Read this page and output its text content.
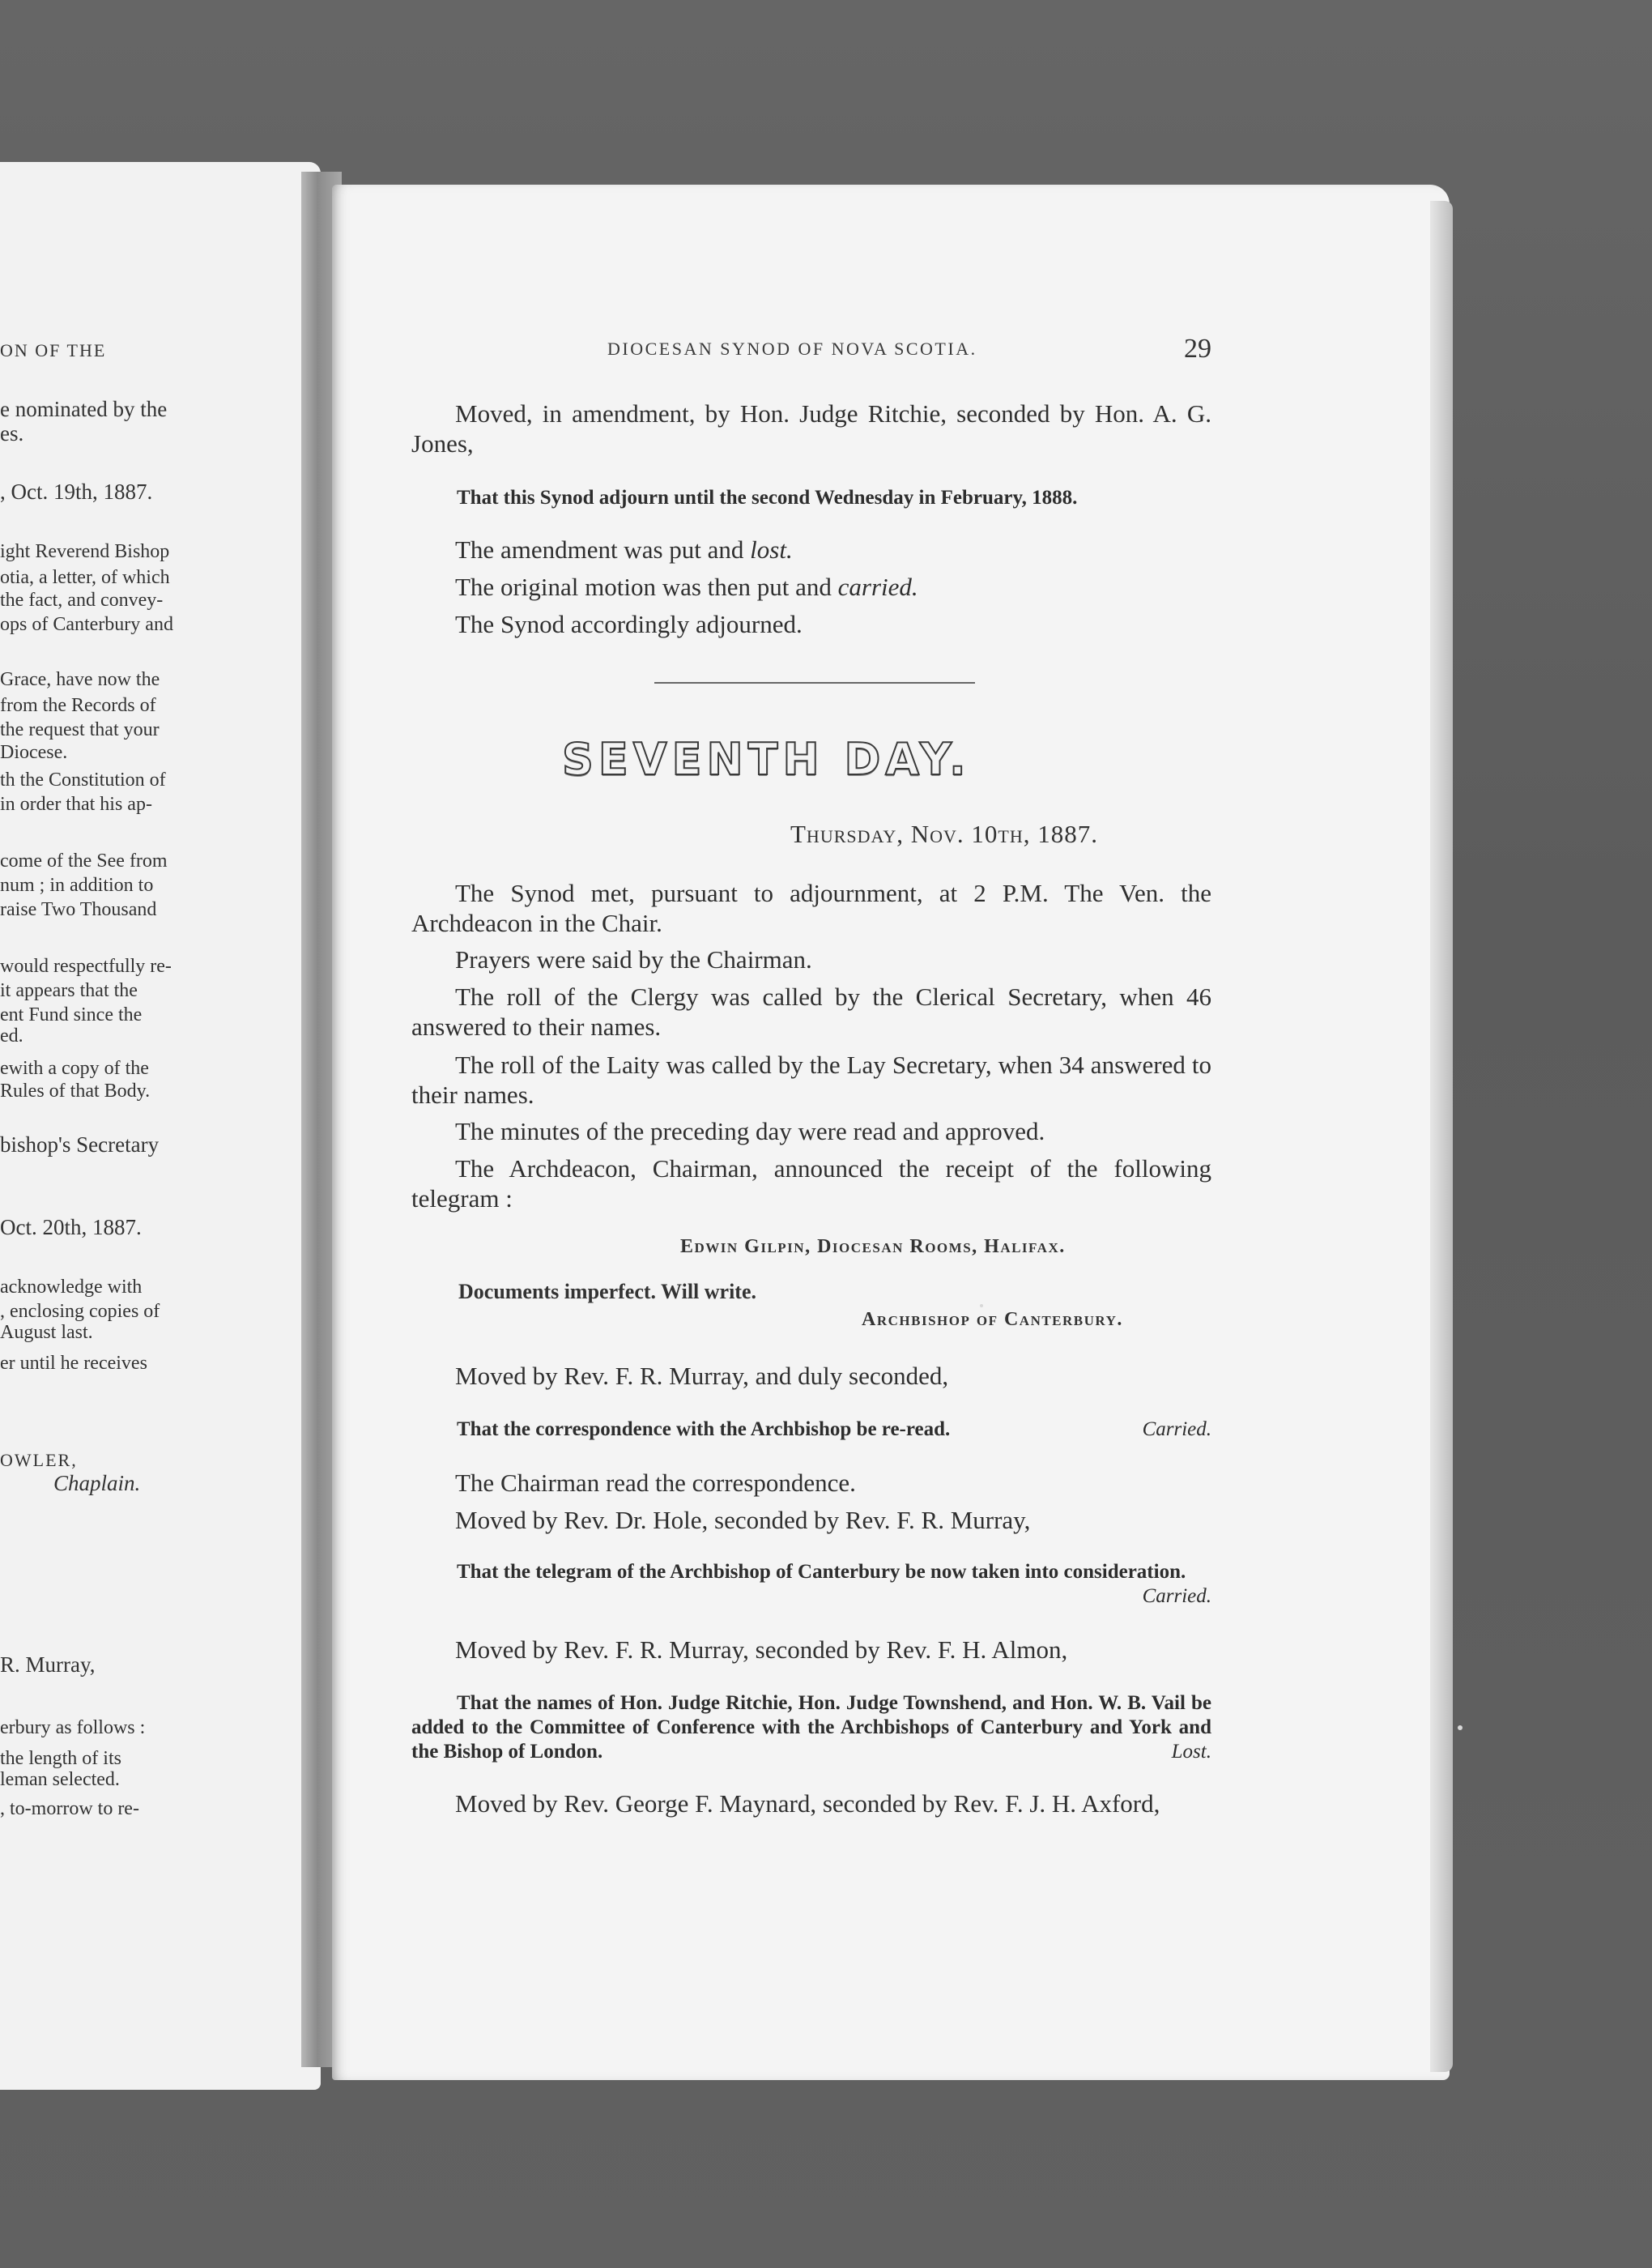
ON OF THE
e nominated by the
es.
, Oct. 19th, 1887.
ight Reverend Bishop
otia, a letter, of which
the fact, and convey-
ops of Canterbury and
Grace, have now the
from the Records of
the request that your
Diocese.
th the Constitution of
in order that his ap-
come of the See from
num ; in addition to
raise Two Thousand
would respectfully re-
it appears that the
ent Fund since the
ed.
ewith a copy of the
Rules of that Body.
bishop's Secretary
Oct. 20th, 1887.
acknowledge with
, enclosing copies of
August last.
er until he receives
OWLER,
Chaplain.
R. Murray,
erbury as follows :
the length of its
leman selected.
, to-morrow to re-
DIOCESAN SYNOD OF NOVA SCOTIA.	29
Moved, in amendment, by Hon. Judge Ritchie, seconded by Hon. A. G. Jones,
That this Synod adjourn until the second Wednesday in February, 1888.
The amendment was put and lost.
The original motion was then put and carried.
The Synod accordingly adjourned.
SEVENTH DAY.
Thursday, Nov. 10th, 1887.
The Synod met, pursuant to adjournment, at 2 P.M. The Ven. the Archdeacon in the Chair.
Prayers were said by the Chairman.
The roll of the Clergy was called by the Clerical Secretary, when 46 answered to their names.
The roll of the Laity was called by the Lay Secretary, when 34 answered to their names.
The minutes of the preceding day were read and approved.
The Archdeacon, Chairman, announced the receipt of the following telegram :
Edwin Gilpin, Diocesan Rooms, Halifax.
Documents imperfect. Will write.
Archbishop of Canterbury.
Moved by Rev. F. R. Murray, and duly seconded,
That the correspondence with the Archbishop be re-read.	Carried.
The Chairman read the correspondence.
Moved by Rev. Dr. Hole, seconded by Rev. F. R. Murray,
That the telegram of the Archbishop of Canterbury be now taken into consideration.
Carried.
Moved by Rev. F. R. Murray, seconded by Rev. F. H. Almon,
That the names of Hon. Judge Ritchie, Hon. Judge Townshend, and Hon. W. B. Vail be added to the Committee of Conference with the Archbishops of Canterbury and York and the Bishop of London.	Lost.
Moved by Rev. George F. Maynard, seconded by Rev. F. J. H. Axford,
